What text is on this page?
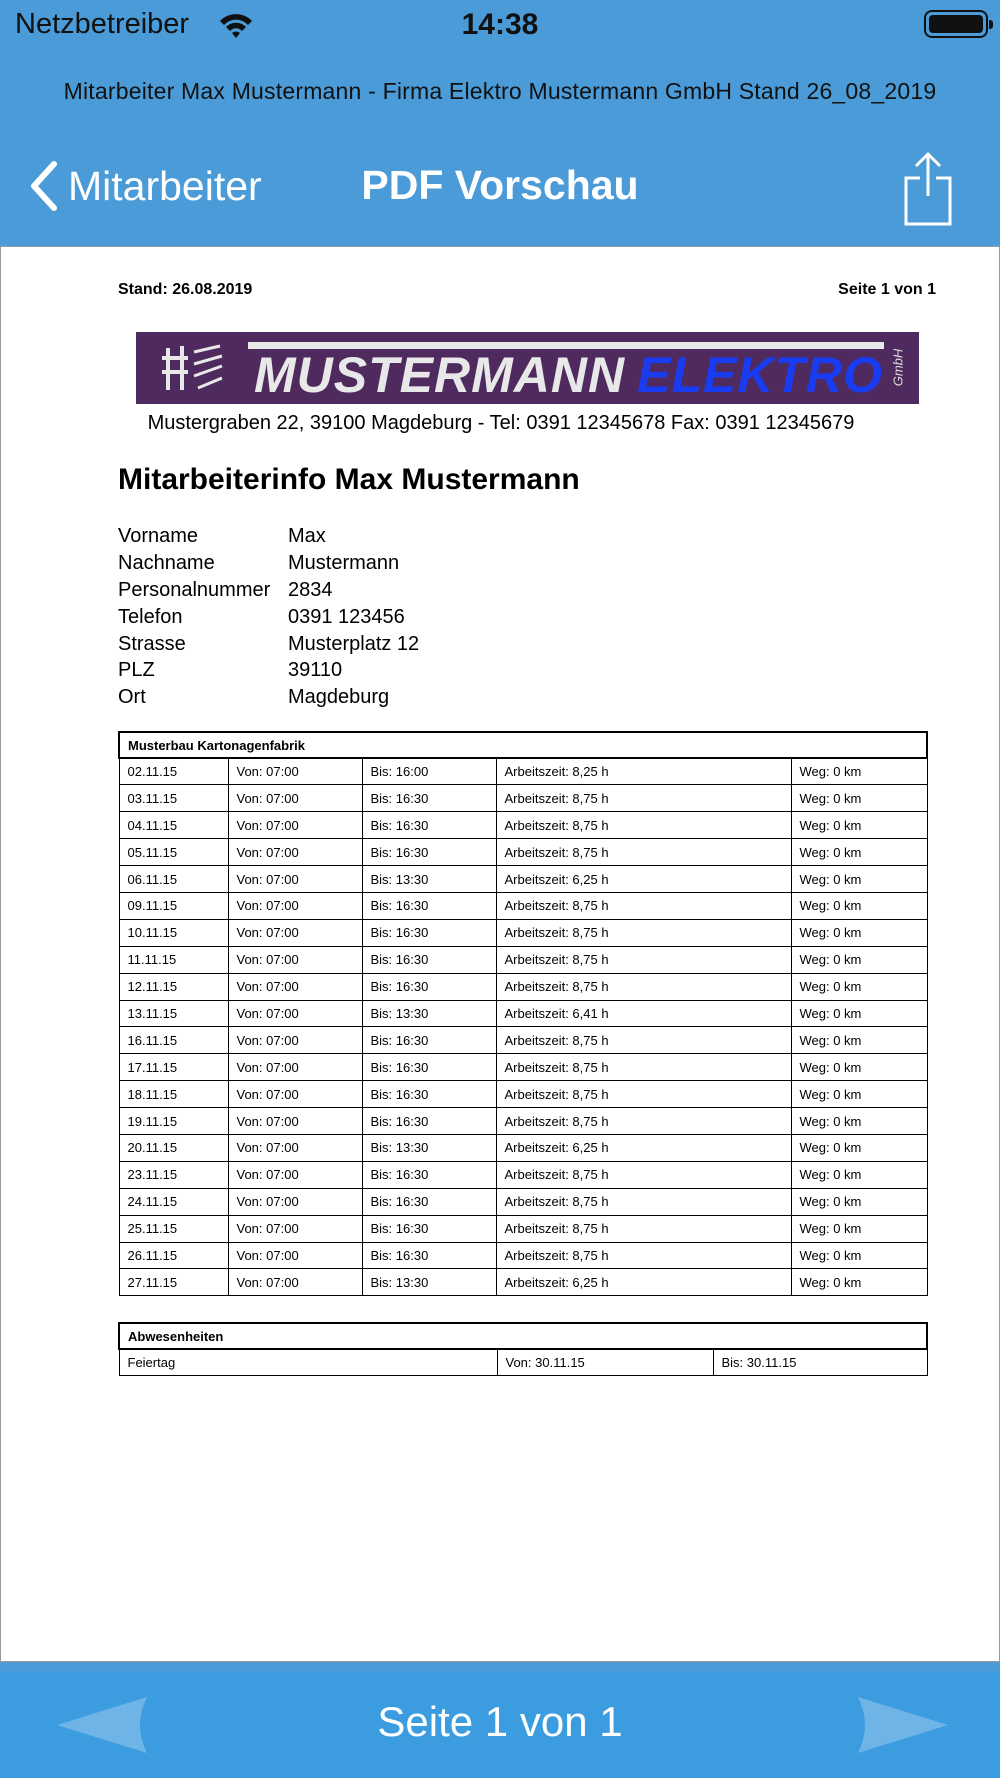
Netzbetreiber	14:38
Mitarbeiter Max Mustermann - Firma Elektro Mustermann GmbH Stand 26_08_2019
Mitarbeiter	PDF Vorschau
Stand: 26.08.2019	Seite 1 von 1
MUSTERMANN ELEKTRO GmbH
Mustergraben 22, 39100 Magdeburg - Tel: 0391 12345678 Fax: 0391 12345679
Mitarbeiterinfo Max Mustermann
Vorname	Max
Nachname	Mustermann
Personalnummer 2834
Telefon	0391 123456
Strasse	Musterplatz 12
PLZ	39110
Ort	Magdeburg
Musterbau Kartonagenfabrik				
02.11.15	Von: 07:00	Bis: 16:00	Arbeitszeit: 8,25 h	Weg: 0 km
03.11.15	Von: 07:00	Bis: 16:30	Arbeitszeit: 8,75 h	Weg: 0 km
04.11.15	Von: 07:00	Bis: 16:30	Arbeitszeit: 8,75 h	Weg: 0 km
05.11.15	Von: 07:00	Bis: 16:30	Arbeitszeit: 8,75 h	Weg: 0 km
06.11.15	Von: 07:00	Bis: 13:30	Arbeitszeit: 6,25 h	Weg: 0 km
09.11.15	Von: 07:00	Bis: 16:30	Arbeitszeit: 8,75 h	Weg: 0 km
10.11.15	Von: 07:00	Bis: 16:30	Arbeitszeit: 8,75 h	Weg: 0 km
11.11.15	Von: 07:00	Bis: 16:30	Arbeitszeit: 8,75 h	Weg: 0 km
12.11.15	Von: 07:00	Bis: 16:30	Arbeitszeit: 8,75 h	Weg: 0 km
13.11.15	Von: 07:00	Bis: 13:30	Arbeitszeit: 6,41 h	Weg: 0 km
16.11.15	Von: 07:00	Bis: 16:30	Arbeitszeit: 8,75 h	Weg: 0 km
17.11.15	Von: 07:00	Bis: 16:30	Arbeitszeit: 8,75 h	Weg: 0 km
18.11.15	Von: 07:00	Bis: 16:30	Arbeitszeit: 8,75 h	Weg: 0 km
19.11.15	Von: 07:00	Bis: 16:30	Arbeitszeit: 8,75 h	Weg: 0 km
20.11.15	Von: 07:00	Bis: 13:30	Arbeitszeit: 6,25 h	Weg: 0 km
23.11.15	Von: 07:00	Bis: 16:30	Arbeitszeit: 8,75 h	Weg: 0 km
24.11.15	Von: 07:00	Bis: 16:30	Arbeitszeit: 8,75 h	Weg: 0 km
25.11.15	Von: 07:00	Bis: 16:30	Arbeitszeit: 8,75 h	Weg: 0 km
26.11.15	Von: 07:00	Bis: 16:30	Arbeitszeit: 8,75 h	Weg: 0 km
27.11.15	Von: 07:00	Bis: 13:30	Arbeitszeit: 6,25 h	Weg: 0 km
Abwesenheiten
Feiertag	Von: 30.11.15	Bis: 30.11.15
Seite 1 von 1
